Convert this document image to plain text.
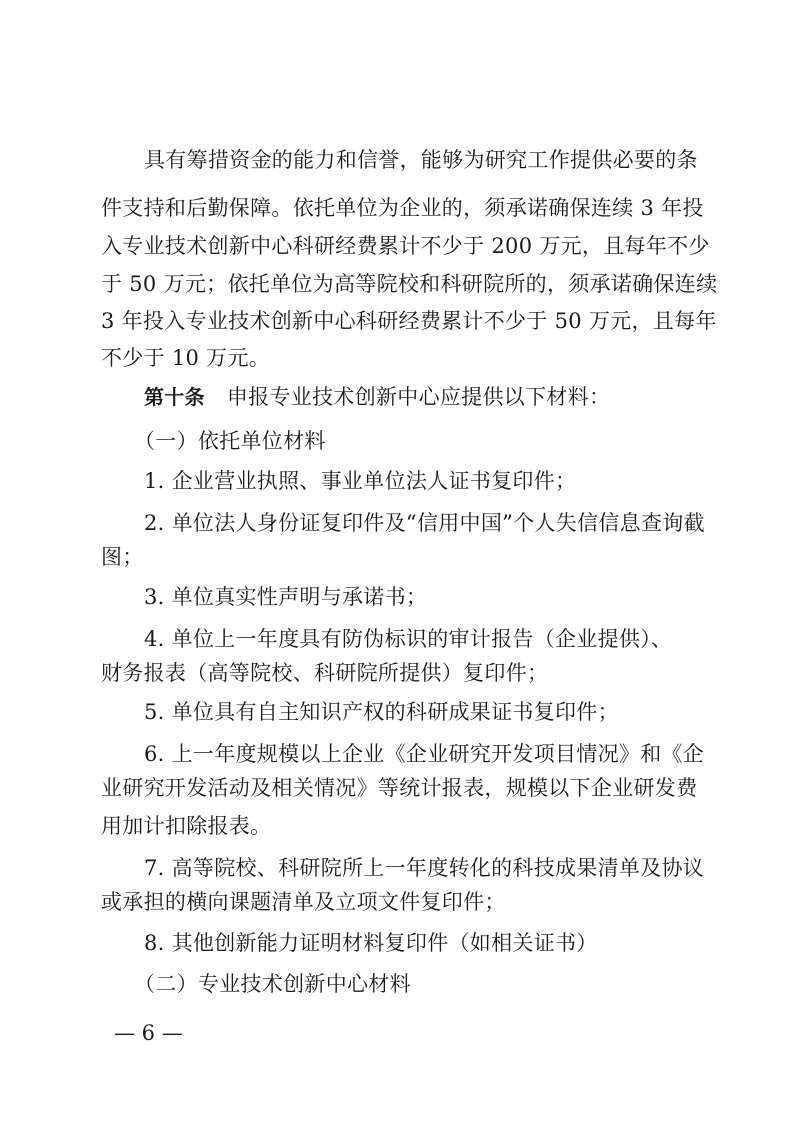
具有筹措资金的能力和信誉，能够为研究工作提供必要的条
件支持和后勤保障。依托单位为企业的，须承诺确保连续 3 年投
入专业技术创新中心科研经费累计不少于 200 万元，且每年不少
于 50 万元；依托单位为高等院校和科研院所的，须承诺确保连续
3 年投入专业技术创新中心科研经费累计不少于 50 万元，且每年
不少于 10 万元。
第十条 申报专业技术创新中心应提供以下材料：
（一）依托单位材料
1. 企业营业执照、事业单位法人证书复印件；
2. 单位法人身份证复印件及“信用中国”个人失信信息查询截
图；
3. 单位真实性声明与承诺书；
4. 单位上一年度具有防伪标识的审计报告（企业提供）、
财务报表（高等院校、科研院所提供）复印件；
5. 单位具有自主知识产权的科研成果证书复印件；
6. 上一年度规模以上企业《企业研究开发项目情况》和《企
业研究开发活动及相关情况》等统计报表，规模以下企业研发费
用加计扣除报表。
7. 高等院校、科研院所上一年度转化的科技成果清单及协议
或承担的横向课题清单及立项文件复印件；
8. 其他创新能力证明材料复印件（如相关证书）
（二）专业技术创新中心材料
— 6 —
